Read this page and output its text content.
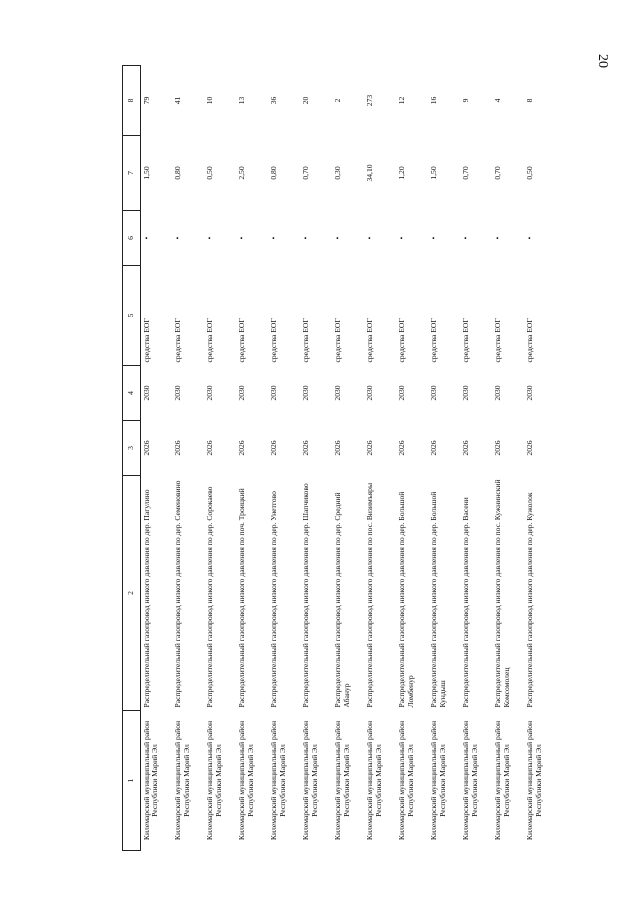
20
1	2	3	4	5	6	7	8
Килемарский муниципальный район Республики Марий Эл	Распределительный газопровод низкого давления по дер. Пагулино	2026	2030	средства ЕОГ	•	1,50	79
Килемарский муниципальный район Республики Марий Эл	Распределительный газопровод низкого давления по дер. Семеновино	2026	2030	средства ЕОГ	•	0,80	41
Килемарский муниципальный район Республики Марий Эл	Распределительный газопровод низкого давления по дер. Сорокаево	2026	2030	средства ЕОГ	•	0,50	10
Килемарский муниципальный район Республики Марий Эл	Распределительный газопровод низкого давления по поч. Троицкий	2026	2030	средства ЕОГ	•	2,50	13
Килемарский муниципальный район Республики Марий Эл	Распределительный газопровод низкого давления по дер. Унетгово	2026	2030	средства ЕОГ	•	0,80	36
Килемарский муниципальный район Республики Марий Эл	Распределительный газопровод низкого давления по дер. Шапчиково	2026	2030	средства ЕОГ	•	0,70	20
Килемарский муниципальный район Республики Марий Эл	Распределительный газопровод низкого давления по дер. Средний Абанур	2026	2030	средства ЕОГ	•	0,30	2
Килемарский муниципальный район Республики Марий Эл	Распределительный газопровод низкого давления по пос. Визимъяры	2026	2030	средства ЕОГ	•	34,10	273
Килемарский муниципальный район Республики Марий Эл	Распределительный газопровод низкого давления по дер. Большой Ломбенур	2026	2030	средства ЕОГ	•	1,20	12
Килемарский муниципальный район Республики Марий Эл	Распределительный газопровод низкого давления по дер. Большой Кундыш	2026	2030	средства ЕОГ	•	1,50	16
Килемарский муниципальный район Республики Марий Эл	Распределительный газопровод низкого давления по дер. Васени	2026	2030	средства ЕОГ	•	0,70	9
Килемарский муниципальный район Республики Марий Эл	Распределительный газопровод низкого давления по пос. Кужнинский Комсомолец	2026	2030	средства ЕОГ	•	0,70	4
Килемарский муниципальный район Республики Марий Эл	Распределительный газопровод низкого давления по дер. Кужолок	2026	2030	средства ЕОГ	•	0,50	8
